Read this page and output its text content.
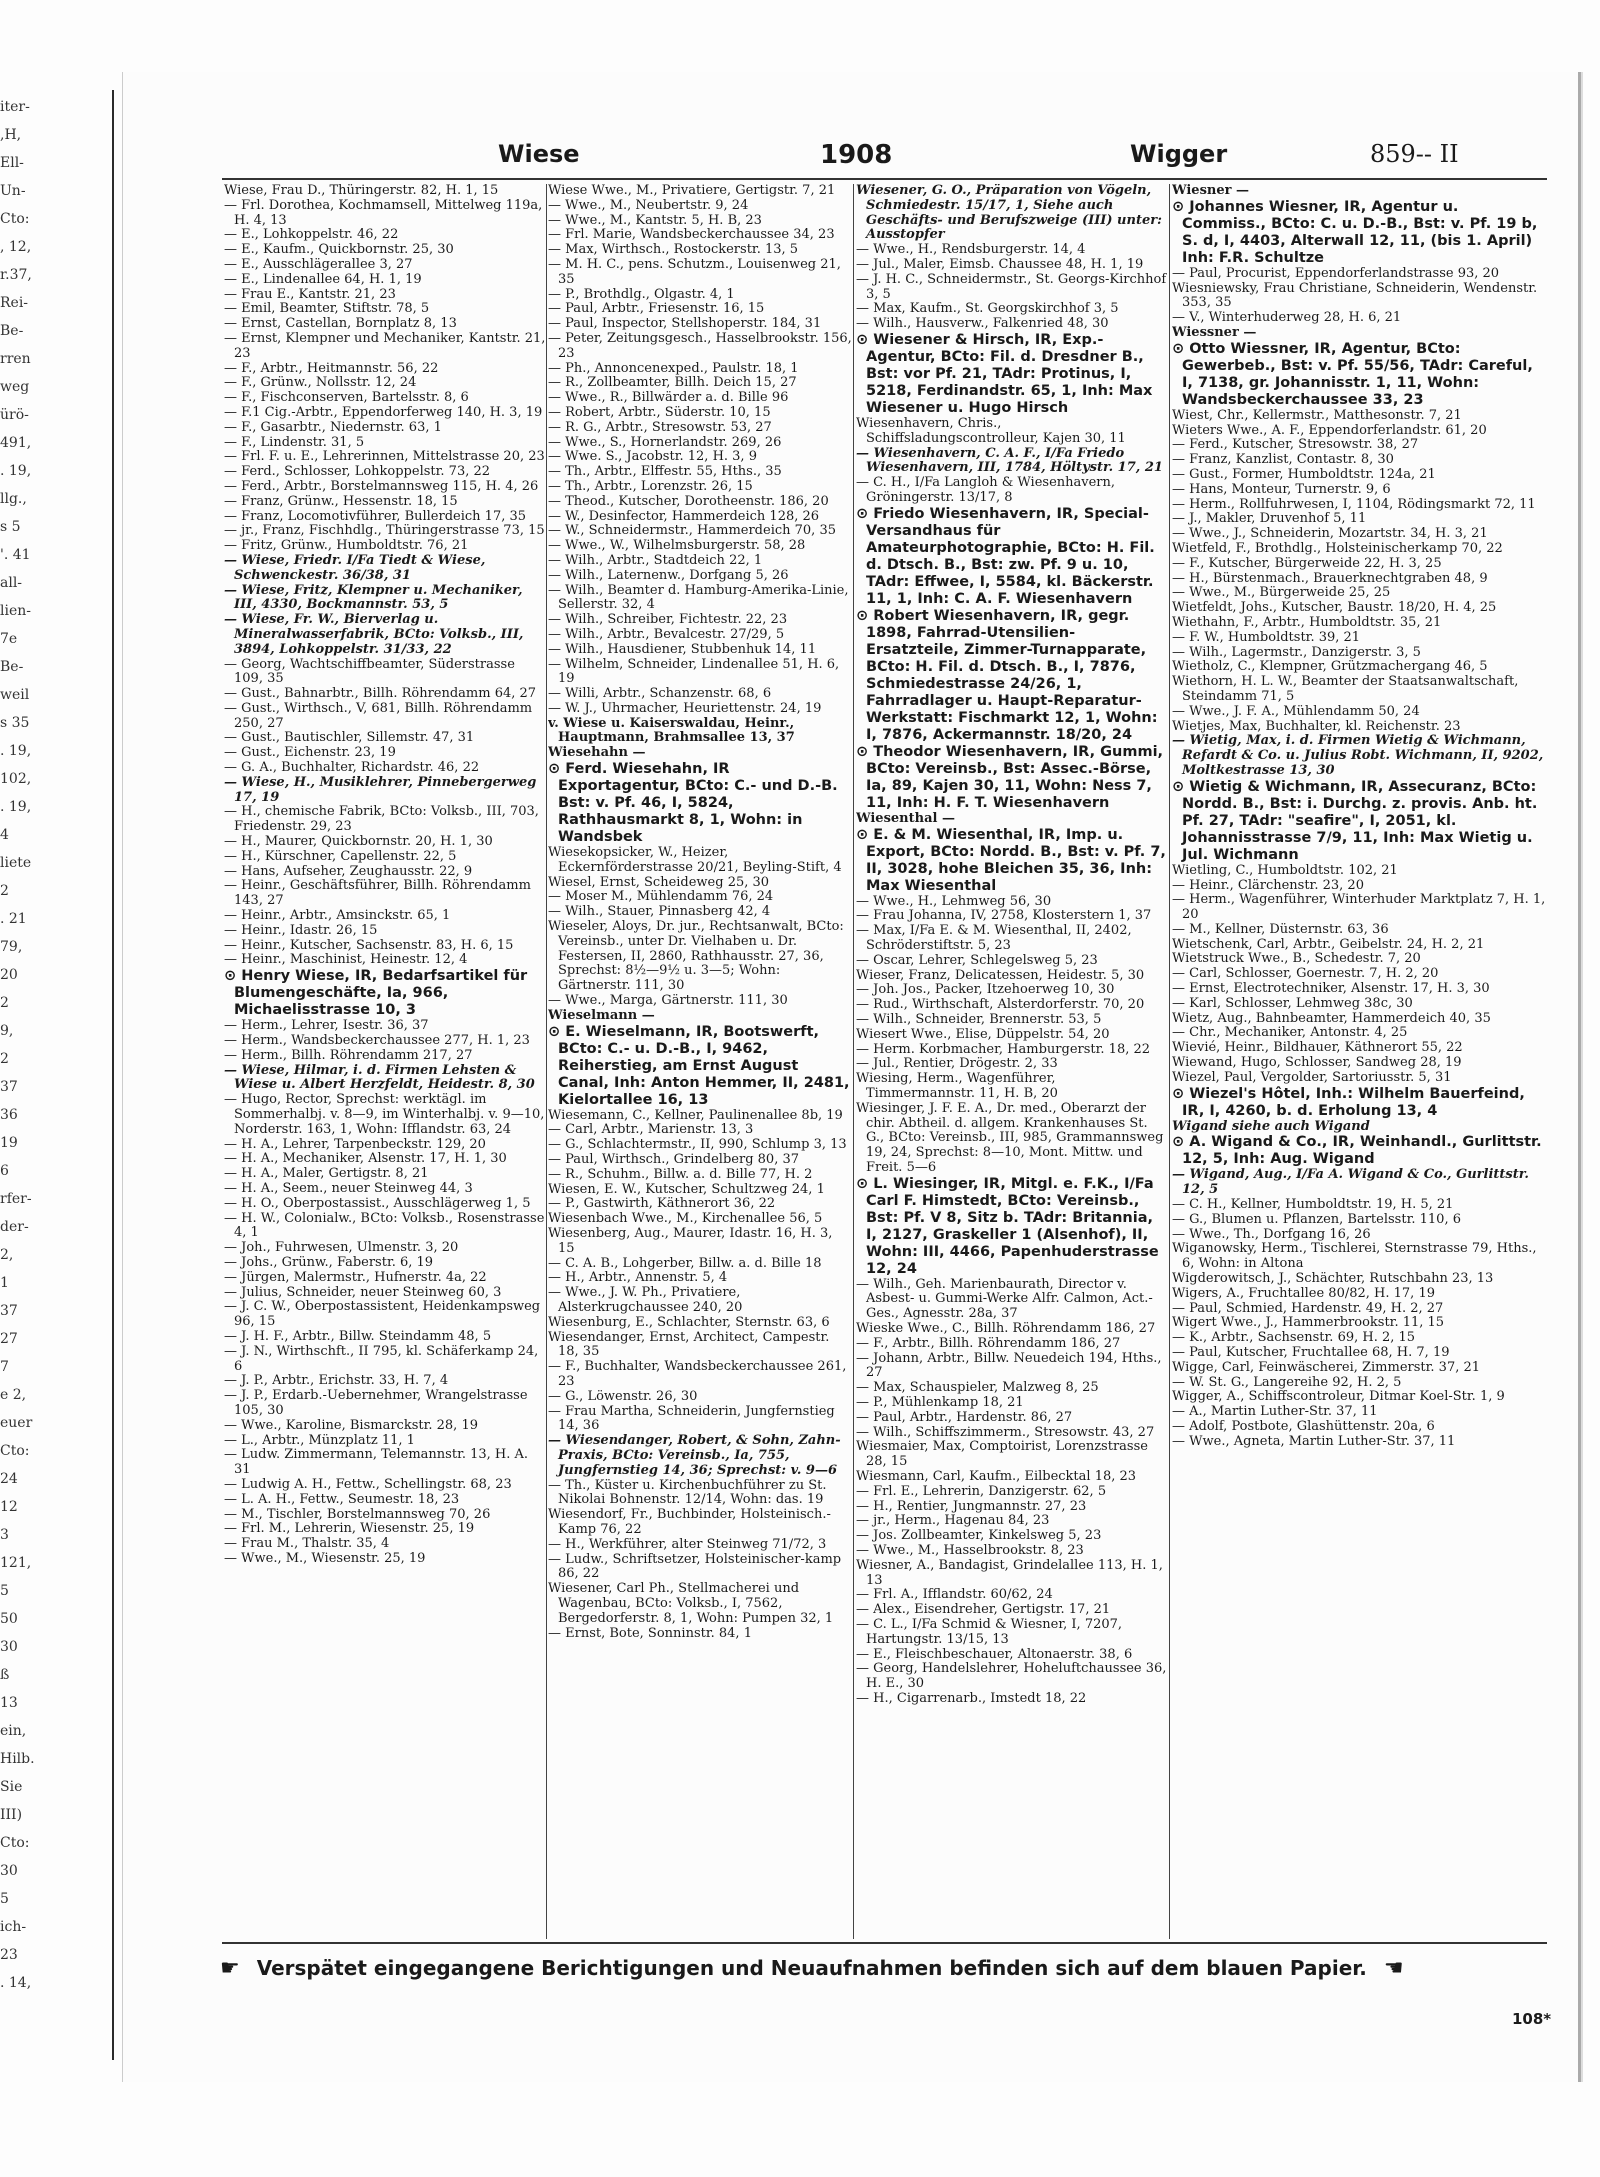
iter-
,H,
Ell-
Un-
Cto:
, 12,
r.37,
Rei-
Be-
rren
weg
ürö-
491,
. 19,
llg.,
s 5
'. 41
all-
lien-
7e
Be-
weil
s 35
. 19,
102,
. 19,
4
liete
2
. 21
79,
20
2
9,
2
37
36
19
6
rfer-
der-
2,
1
37
27
7
e 2,
euer
Cto:
24
12
3
121,
5
50
30
ß
13
ein,
Hilb.
Sie
III)
Cto:
30
5
ich-
23
. 14,
Wiese	1908	Wigger	859-- II

Wiese, Frau D., Thüringerstr. 82, H. 1, 15

— Frl. Dorothea, Kochmamsell, Mittelweg 119a, H. 4, 13

— E., Lohkoppelstr. 46, 22

— E., Kaufm., Quickbornstr. 25, 30

— E., Ausschlägerallee 3, 27

— E., Lindenallee 64, H. 1, 19

— Frau E., Kantstr. 21, 23

— Emil, Beamter, Stiftstr. 78, 5

— Ernst, Castellan, Bornplatz 8, 13

— Ernst, Klempner und Mechaniker, Kantstr. 21, 23

— F., Arbtr., Heitmannstr. 56, 22

— F., Grünw., Nollsstr. 12, 24

— F., Fischconserven, Bartelsstr. 8, 6

— F.1 Cig.-Arbtr., Eppendorferweg 140, H. 3, 19

— F., Gasarbtr., Niedernstr. 63, 1

— F., Lindenstr. 31, 5

— Frl. F. u. E., Lehrerinnen, Mittelstrasse 20, 23

— Ferd., Schlosser, Lohkoppelstr. 73, 22

— Ferd., Arbtr., Borstelmannsweg 115, H. 4, 26

— Franz, Grünw., Hessenstr. 18, 15

— Franz, Locomotivführer, Bullerdeich 17, 35

— jr., Franz, Fischhdlg., Thüringerstrasse 73, 15

— Fritz, Grünw., Humboldtstr. 76, 21

— Wiese, Friedr. I/Fa Tiedt & Wiese, Schwenckestr. 36/38, 31

— Wiese, Fritz, Klempner u. Mechaniker, III, 4330, Bockmannstr. 53, 5

— Wiese, Fr. W., Bierverlag u. Mineralwasserfabrik, BCto: Volksb., III, 3894, Lohkoppelstr. 31/33, 22

— Georg, Wachtschiffbeamter, Süderstrasse 109, 35

— Gust., Bahnarbtr., Billh. Röhrendamm 64, 27

— Gust., Wirthsch., V, 681, Billh. Röhrendamm 250, 27

— Gust., Bautischler, Sillemstr. 47, 31

— Gust., Eichenstr. 23, 19

— G. A., Buchhalter, Richardstr. 46, 22

— Wiese, H., Musiklehrer, Pinnebergerweg 17, 19

— H., chemische Fabrik, BCto: Volksb., III, 703, Friedenstr. 29, 23

— H., Maurer, Quickbornstr. 20, H. 1, 30

— H., Kürschner, Capellenstr. 22, 5

— Hans, Aufseher, Zeughausstr. 22, 9

— Heinr., Geschäftsführer, Billh. Röhrendamm 143, 27

— Heinr., Arbtr., Amsinckstr. 65, 1

— Heinr., Idastr. 26, 15

— Heinr., Kutscher, Sachsenstr. 83, H. 6, 15

— Heinr., Maschinist, Heinestr. 12, 4

⊙ Henry Wiese, IR, Bedarfsartikel für Blumengeschäfte, Ia, 966, Michaelisstrasse 10, 3

— Herm., Lehrer, Isestr. 36, 37

— Herm., Wandsbeckerchaussee 277, H. 1, 23

— Herm., Billh. Röhrendamm 217, 27

— Wiese, Hilmar, i. d. Firmen Lehsten & Wiese u. Albert Herzfeldt, Heidestr. 8, 30

— Hugo, Rector, Sprechst: werktägl. im Sommerhalbj. v. 8—9, im Winterhalbj. v. 9—10, Norderstr. 163, 1, Wohn: Ifflandstr. 63, 24

— H. A., Lehrer, Tarpenbeckstr. 129, 20

— H. A., Mechaniker, Alsenstr. 17, H. 1, 30

— H. A., Maler, Gertigstr. 8, 21

— H. A., Seem., neuer Steinweg 44, 3

— H. O., Oberpostassist., Ausschlägerweg 1, 5

— H. W., Colonialw., BCto: Volksb., Rosenstrasse 4, 1

— Joh., Fuhrwesen, Ulmenstr. 3, 20

— Johs., Grünw., Faberstr. 6, 19

— Jürgen, Malermstr., Hufnerstr. 4a, 22

— Julius, Schneider, neuer Steinweg 60, 3

— J. C. W., Oberpostassistent, Heidenkampsweg 96, 15

— J. H. F., Arbtr., Billw. Steindamm 48, 5

— J. N., Wirthschft., II 795, kl. Schäferkamp 24, 6

— J. P., Arbtr., Erichstr. 33, H. 7, 4

— J. P., Erdarb.-Uebernehmer, Wrangelstrasse 105, 30

— Wwe., Karoline, Bismarckstr. 28, 19

— L., Arbtr., Münzplatz 11, 1

— Ludw. Zimmermann, Telemannstr. 13, H. A. 31

— Ludwig A. H., Fettw., Schellingstr. 68, 23

— L. A. H., Fettw., Seumestr. 18, 23

— M., Tischler, Borstelmannsweg 70, 26

— Frl. M., Lehrerin, Wiesenstr. 25, 19

— Frau M., Thalstr. 35, 4

— Wwe., M., Wiesenstr. 25, 19

Wiese Wwe., M., Privatiere, Gertigstr. 7, 21

— Wwe., M., Neubertstr. 9, 24

— Wwe., M., Kantstr. 5, H. B, 23

— Frl. Marie, Wandsbeckerchaussee 34, 23

— Max, Wirthsch., Rostockerstr. 13, 5

— M. H. C., pens. Schutzm., Louisenweg 21, 35

— P., Brothdlg., Olgastr. 4, 1

— Paul, Arbtr., Friesenstr. 16, 15

— Paul, Inspector, Stellshoperstr. 184, 31

— Peter, Zeitungsgesch., Hasselbrookstr. 156, 23

— Ph., Annoncenexped., Paulstr. 18, 1

— R., Zollbeamter, Billh. Deich 15, 27

— Wwe., R., Billwärder a. d. Bille 96

— Robert, Arbtr., Süderstr. 10, 15

— R. G., Arbtr., Stresowstr. 53, 27

— Wwe., S., Hornerlandstr. 269, 26

— Wwe. S., Jacobstr. 12, H. 3, 9

— Th., Arbtr., Elffestr. 55, Hths., 35

— Th., Arbtr., Lorenzstr. 26, 15

— Theod., Kutscher, Dorotheenstr. 186, 20

— W., Desinfector, Hammerdeich 128, 26

— W., Schneidermstr., Hammerdeich 70, 35

— Wwe., W., Wilhelmsburgerstr. 58, 28

— Wilh., Arbtr., Stadtdeich 22, 1

— Wilh., Laternenw., Dorfgang 5, 26

— Wilh., Beamter d. Hamburg-Amerika-Linie, Sellerstr. 32, 4

— Wilh., Schreiber, Fichtestr. 22, 23

— Wilh., Arbtr., Bevalcestr. 27/29, 5

— Wilh., Hausdiener, Stubbenhuk 14, 11

— Wilhelm, Schneider, Lindenallee 51, H. 6, 19

— Willi, Arbtr., Schanzenstr. 68, 6

— W. J., Uhrmacher, Heuriettenstr. 24, 19

v. Wiese u. Kaiserswaldau, Heinr., Hauptmann, Brahmsallee 13, 37

Wiesehahn —

⊙ Ferd. Wiesehahn, IR Exportagentur, BCto: C.- und D.-B. Bst: v. Pf. 46, I, 5824, Rathhausmarkt 8, 1, Wohn: in Wandsbek

Wiesekopsicker, W., Heizer, Eckernförderstrasse 20/21, Beyling-Stift, 4

Wiesel, Ernst, Scheideweg 25, 30

— Moser M., Mühlendamm 76, 24

— Wilh., Stauer, Pinnasberg 42, 4

Wieseler, Aloys, Dr. jur., Rechtsanwalt, BCto: Vereinsb., unter Dr. Vielhaben u. Dr. Festersen, II, 2860, Rathhausstr. 27, 36, Sprechst: 8½—9½ u. 3—5; Wohn: Gärtnerstr. 111, 30

— Wwe., Marga, Gärtnerstr. 111, 30

Wieselmann —

⊙ E. Wieselmann, IR, Bootswerft, BCto: C.- u. D.-B., I, 9462, Reiherstieg, am Ernst August Canal, Inh: Anton Hemmer, II, 2481, Kielortallee 16, 13

Wiesemann, C., Kellner, Paulinenallee 8b, 19

— Carl, Arbtr., Marienstr. 13, 3

— G., Schlachtermstr., II, 990, Schlump 3, 13

— Paul, Wirthsch., Grindelberg 80, 37

— R., Schuhm., Billw. a. d. Bille 77, H. 2

Wiesen, E. W., Kutscher, Schultzweg 24, 1

— P., Gastwirth, Käthnerort 36, 22

Wiesenbach Wwe., M., Kirchenallee 56, 5

Wiesenberg, Aug., Maurer, Idastr. 16, H. 3, 15

— C. A. B., Lohgerber, Billw. a. d. Bille 18

— H., Arbtr., Annenstr. 5, 4

— Wwe., J. W. Ph., Privatiere, Alsterkrugchaussee 240, 20

Wiesenburg, E., Schlachter, Sternstr. 63, 6

Wiesendanger, Ernst, Architect, Campestr. 18, 35

— F., Buchhalter, Wandsbeckerchaussee 261, 23

— G., Löwenstr. 26, 30

— Frau Martha, Schneiderin, Jungfernstieg 14, 36

— Wiesendanger, Robert, & Sohn, Zahn-Praxis, BCto: Vereinsb., Ia, 755, Jungfernstieg 14, 36; Sprechst: v. 9—6

— Th., Küster u. Kirchenbuchführer zu St. Nikolai Bohnenstr. 12/14, Wohn: das. 19

Wiesendorf, Fr., Buchbinder, Holsteinisch.-Kamp 76, 22

— H., Werkführer, alter Steinweg 71/72, 3

— Ludw., Schriftsetzer, Holsteinischer-kamp 86, 22

Wiesener, Carl Ph., Stellmacherei und Wagenbau, BCto: Volksb., I, 7562, Bergedorferstr. 8, 1, Wohn: Pumpen 32, 1

— Ernst, Bote, Sonninstr. 84, 1

Wiesener, G. O., Präparation von Vögeln, Schmiedestr. 15/17, 1, Siehe auch Geschäfts- und Berufszweige (III) unter: Ausstopfer

— Wwe., H., Rendsburgerstr. 14, 4

— Jul., Maler, Eimsb. Chaussee 48, H. 1, 19

— J. H. C., Schneidermstr., St. Georgs-Kirchhof 3, 5

— Max, Kaufm., St. Georgskirchhof 3, 5

— Wilh., Hausverw., Falkenried 48, 30

⊙ Wiesener & Hirsch, IR, Exp.-Agentur, BCto: Fil. d. Dresdner B., Bst: vor Pf. 21, TAdr: Protinus, I, 5218, Ferdinandstr. 65, 1, Inh: Max Wiesener u. Hugo Hirsch

Wiesenhavern, Chris., Schiffsladungscontrolleur, Kajen 30, 11

— Wiesenhavern, C. A. F., I/Fa Friedo Wiesenhavern, III, 1784, Höltystr. 17, 21

— C. H., I/Fa Langloh & Wiesenhavern, Gröningerstr. 13/17, 8

⊙ Friedo Wiesenhavern, IR, Special-Versandhaus für Amateurphotographie, BCto: H. Fil. d. Dtsch. B., Bst: zw. Pf. 9 u. 10, TAdr: Effwee, I, 5584, kl. Bäckerstr. 11, 1, Inh: C. A. F. Wiesenhavern

⊙ Robert Wiesenhavern, IR, gegr. 1898, Fahrrad-Utensilien-Ersatzteile, Zimmer-Turnapparate, BCto: H. Fil. d. Dtsch. B., I, 7876, Schmiedestrasse 24/26, 1, Fahrradlager u. Haupt-Reparatur-Werkstatt: Fischmarkt 12, 1, Wohn: I, 7876, Ackermannstr. 18/20, 24

⊙ Theodor Wiesenhavern, IR, Gummi, BCto: Vereinsb., Bst: Assec.-Börse, Ia, 89, Kajen 30, 11, Wohn: Ness 7, 11, Inh: H. F. T. Wiesenhavern

Wiesenthal —

⊙ E. & M. Wiesenthal, IR, Imp. u. Export, BCto: Nordd. B., Bst: v. Pf. 7, II, 3028, hohe Bleichen 35, 36, Inh: Max Wiesenthal

— Wwe., H., Lehmweg 56, 30

— Frau Johanna, IV, 2758, Klosterstern 1, 37

— Max, I/Fa E. & M. Wiesenthal, II, 2402, Schröderstiftstr. 5, 23

— Oscar, Lehrer, Schlegelsweg 5, 23

Wieser, Franz, Delicatessen, Heidestr. 5, 30

— Joh. Jos., Packer, Itzehoerweg 10, 30

— Rud., Wirthschaft, Alsterdorferstr. 70, 20

— Wilh., Schneider, Brennerstr. 53, 5

Wiesert Wwe., Elise, Düppelstr. 54, 20

— Herm. Korbmacher, Hamburgerstr. 18, 22

— Jul., Rentier, Drögestr. 2, 33

Wiesing, Herm., Wagenführer, Timmermannstr. 11, H. B, 20

Wiesinger, J. F. E. A., Dr. med., Oberarzt der chir. Abtheil. d. allgem. Krankenhauses St. G., BCto: Vereinsb., III, 985, Grammannsweg 19, 24, Sprechst: 8—10, Mont. Mittw. und Freit. 5—6

⊙ L. Wiesinger, IR, Mitgl. e. F.K., I/Fa Carl F. Himstedt, BCto: Vereinsb., Bst: Pf. V 8, Sitz b. TAdr: Britannia, I, 2127, Graskeller 1 (Alsenhof), II, Wohn: III, 4466, Papenhuderstrasse 12, 24

— Wilh., Geh. Marienbaurath, Director v. Asbest- u. Gummi-Werke Alfr. Calmon, Act.-Ges., Agnesstr. 28a, 37

Wieske Wwe., C., Billh. Röhrendamm 186, 27

— F., Arbtr., Billh. Röhrendamm 186, 27

— Johann, Arbtr., Billw. Neuedeich 194, Hths., 27

— Max, Schauspieler, Malzweg 8, 25

— P., Mühlenkamp 18, 21

— Paul, Arbtr., Hardenstr. 86, 27

— Wilh., Schiffszimmerm., Stresowstr. 43, 27

Wiesmaier, Max, Comptoirist, Lorenzstrasse 28, 15

Wiesmann, Carl, Kaufm., Eilbecktal 18, 23

— Frl. E., Lehrerin, Danzigerstr. 62, 5

— H., Rentier, Jungmannstr. 27, 23

— jr., Herm., Hagenau 84, 23

— Jos. Zollbeamter, Kinkelsweg 5, 23

— Wwe., M., Hasselbrookstr. 8, 23

Wiesner, A., Bandagist, Grindelallee 113, H. 1, 13

— Frl. A., Ifflandstr. 60/62, 24

— Alex., Eisendreher, Gertigstr. 17, 21

— C. L., I/Fa Schmid & Wiesner, I, 7207, Hartungstr. 13/15, 13

— E., Fleischbeschauer, Altonaerstr. 38, 6

— Georg, Handelslehrer, Hoheluftchaussee 36, H. E., 30

— H., Cigarrenarb., Imstedt 18, 22

Wiesner —

⊙ Johannes Wiesner, IR, Agentur u. Commiss., BCto: C. u. D.-B., Bst: v. Pf. 19 b, S. d, I, 4403, Alterwall 12, 11, (bis 1. April) Inh: F.R. Schultze

— Paul, Procurist, Eppendorferlandstrasse 93, 20

Wiesniewsky, Frau Christiane, Schneiderin, Wendenstr. 353, 35

— V., Winterhuderweg 28, H. 6, 21

Wiessner —

⊙ Otto Wiessner, IR, Agentur, BCto: Gewerbeb., Bst: v. Pf. 55/56, TAdr: Careful, I, 7138, gr. Johannisstr. 1, 11, Wohn: Wandsbeckerchaussee 33, 23

Wiest, Chr., Kellermstr., Matthesonstr. 7, 21

Wieters Wwe., A. F., Eppendorferlandstr. 61, 20

— Ferd., Kutscher, Stresowstr. 38, 27

— Franz, Kanzlist, Contastr. 8, 30

— Gust., Former, Humboldtstr. 124a, 21

— Hans, Monteur, Turnerstr. 9, 6

— Herm., Rollfuhrwesen, I, 1104, Rödingsmarkt 72, 11

— J., Makler, Druvenhof 5, 11

— Wwe., J., Schneiderin, Mozartstr. 34, H. 3, 21

Wietfeld, F., Brothdlg., Holsteinischerkamp 70, 22

— F., Kutscher, Bürgerweide 22, H. 3, 25

— H., Bürstenmach., Brauerknechtgraben 48, 9

— Wwe., M., Bürgerweide 25, 25

Wietfeldt, Johs., Kutscher, Baustr. 18/20, H. 4, 25

Wiethahn, F., Arbtr., Humboldtstr. 35, 21

— F. W., Humboldtstr. 39, 21

— Wilh., Lagermstr., Danzigerstr. 3, 5

Wietholz, C., Klempner, Grützmachergang 46, 5

Wiethorn, H. L. W., Beamter der Staatsanwaltschaft, Steindamm 71, 5

— Wwe., J. F. A., Mühlendamm 50, 24

Wietjes, Max, Buchhalter, kl. Reichenstr. 23

— Wietig, Max, i. d. Firmen Wietig & Wichmann, Refardt & Co. u. Julius Robt. Wichmann, II, 9202, Moltkestrasse 13, 30

⊙ Wietig & Wichmann, IR, Assecuranz, BCto: Nordd. B., Bst: i. Durchg. z. provis. Anb. ht. Pf. 27, TAdr: "seafire", I, 2051, kl. Johannisstrasse 7/9, 11, Inh: Max Wietig u. Jul. Wichmann

Wietling, C., Humboldtstr. 102, 21

— Heinr., Clärchenstr. 23, 20

— Herm., Wagenführer, Winterhuder Marktplatz 7, H. 1, 20

— M., Kellner, Düsternstr. 63, 36

Wietschenk, Carl, Arbtr., Geibelstr. 24, H. 2, 21

Wietstruck Wwe., B., Schedestr. 7, 20

— Carl, Schlosser, Goernestr. 7, H. 2, 20

— Ernst, Electrotechniker, Alsenstr. 17, H. 3, 30

— Karl, Schlosser, Lehmweg 38c, 30

Wietz, Aug., Bahnbeamter, Hammerdeich 40, 35

— Chr., Mechaniker, Antonstr. 4, 25

Wievié, Heinr., Bildhauer, Käthnerort 55, 22

Wiewand, Hugo, Schlosser, Sandweg 28, 19

Wiezel, Paul, Vergolder, Sartoriusstr. 5, 31

⊙ Wiezel's Hôtel, Inh.: Wilhelm Bauerfeind, IR, I, 4260, b. d. Erholung 13, 4

Wigand siehe auch Wigand

⊙ A. Wigand & Co., IR, Weinhandl., Gurlittstr. 12, 5, Inh: Aug. Wigand

— Wigand, Aug., I/Fa A. Wigand & Co., Gurlittstr. 12, 5

— C. H., Kellner, Humboldtstr. 19, H. 5, 21

— G., Blumen u. Pflanzen, Bartelsstr. 110, 6

— Wwe., Th., Dorfgang 16, 26

Wiganowsky, Herm., Tischlerei, Sternstrasse 79, Hths., 6, Wohn: in Altona

Wigderowitsch, J., Schächter, Rutschbahn 23, 13

Wigers, A., Fruchtallee 80/82, H. 17, 19

— Paul, Schmied, Hardenstr. 49, H. 2, 27

Wigert Wwe., J., Hammerbrookstr. 11, 15

— K., Arbtr., Sachsenstr. 69, H. 2, 15

— Paul, Kutscher, Fruchtallee 68, H. 7, 19

Wigge, Carl, Feinwäscherei, Zimmerstr. 37, 21

— W. St. G., Langereihe 92, H. 2, 5

Wigger, A., Schiffscontroleur, Ditmar Koel-Str. 1, 9

— A., Martin Luther-Str. 37, 11

— Adolf, Postbote, Glashüttenstr. 20a, 6

— Wwe., Agneta, Martin Luther-Str. 37, 11

☛ Verspätet eingegangene Berichtigungen und Neuaufnahmen befinden sich auf dem blauen Papier. ☚
108*
